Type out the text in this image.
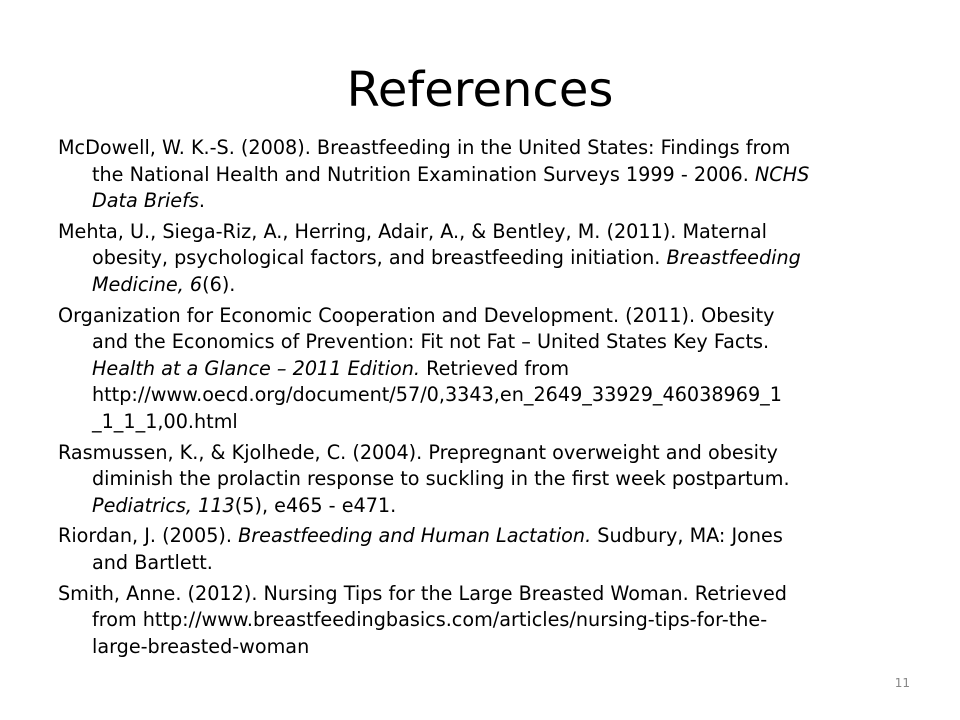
References

McDowell, W. K.-S. (2008). Breastfeeding in the United States: Findings from
the National Health and Nutrition Examination Surveys 1999 - 2006. NCHS
Data Briefs.

Mehta, U., Siega-Riz, A., Herring, Adair, A., & Bentley, M. (2011). Maternal
obesity, psychological factors, and breastfeeding initiation. Breastfeeding
Medicine, 6(6).

Organization for Economic Cooperation and Development. (2011). Obesity
and the Economics of Prevention: Fit not Fat – United States Key Facts.
Health at a Glance – 2011 Edition. Retrieved from
http://www.oecd.org/document/57/0,3343,en_2649_33929_46038969_1
_1_1_1,00.html

Rasmussen, K., & Kjolhede, C. (2004). Prepregnant overweight and obesity
diminish the prolactin response to suckling in the first week postpartum.
Pediatrics, 113(5), e465 - e471.

Riordan, J. (2005). Breastfeeding and Human Lactation. Sudbury, MA: Jones
and Bartlett.

Smith, Anne. (2012). Nursing Tips for the Large Breasted Woman. Retrieved
from http://www.breastfeedingbasics.com/articles/nursing-tips-for-the-
large-breasted-woman

11
